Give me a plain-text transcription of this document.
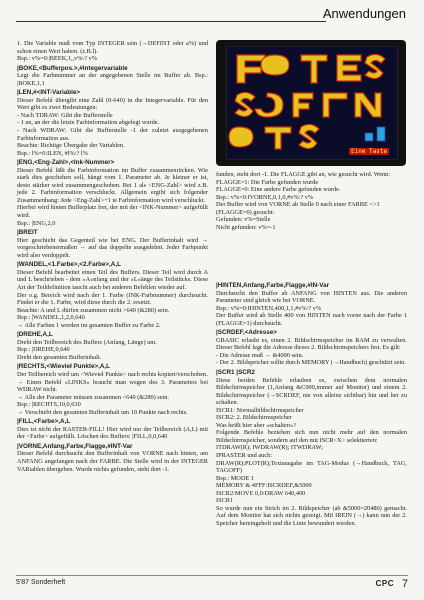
Anwendungen

1. Die Variable muß vom Typ INTEGER sein (→DEFINT oder a%) und schon einen Wert haben. (z.B.l).

Bsp.: v%=0:|BEEK,1,,v%:? v%

|BOKE,<Bufferpos.>,#Integervariable

Legt die Farbnummer an der angegebenen Stelle im Buffer ab. Bsp.: |BOKE,1,1

|LEN,#<INT-Variable>

Dieser Befehl übergibt eine Zahl (0-640) in die Integervariable. Für den Wert gibt es zwei Bedeutungen:

- Nach TDRAW: Gibt die Bufferstelle

- 1 an, an der die letzte Farbinformation abgelegt wurde.

- Nach WDRAW: Gibt die Bufferstelle -1 der zuletzt ausgegebenen Farbinformation aus.

Beachte: Richtige Übergabe der Variablen.

Bsp.: l%=0:ILEN, #l%:? l%

|ENG,<Eng-Zahl>,<Ink-Nummer>

Dieser Befehl läßt die Farbinformation im Buffer zusammenrücken. Wie stark dies geschehen soll, hängt vom 1. Parameter ab. Je kleiner er ist, desto stärker wird zusammengeschoben. Bei 1 als <ENG-Zahl> wird z.B. jede 2. Farbinformation verschluckt. Allgemein ergibt sich folgender Zusammenhang: Jede <Eng-Zahl>+1 te Farbinformation wird verschluckt.

Hierbei wird hinten Bufferplatz frei, der mit der <INK-Nummer> aufgefüllt wird.

Bsp.: |ENG,2,0

|BREIT

Hier geschieht das Gegenteil wie bei ENG. Der Bufferinhalt wird → vorgeschriebenermaßen → auf das doppelte ausgedehnt. Jeder Farbpunkt wird also verdoppelt.

|WANDEL,<1.Farbe>,<2.Farbe>,A,L

Dieser Befehl bearbeitet einen Teil des Buffers. Dieser Teil wird durch A und L beschrieben - dem »A«nfang und der »L«änge des Teilstücks. Diese Art der Teildefinition taucht auch bei anderen Befehlen wieder auf.

Der o.g. Bereich wird nach der 1. Farbe (INK-Farbnummer) durchsucht. Findet er die 1. Farbe, wird diese durch die 2. ersetzt.

Beachte: A und L dürfen zusammen nicht >640 (&280) sein.

Bsp.: |WANDEL,1,2,0,640

→ Alle Farben 1 werden im gesamten Buffer zu Farbe 2.

|DREHE,A,L

Dreht den Teilbereich des Buffers (Anfang, Länge) um.

Bsp.: |DREHE,0,640

Dreht den gesamten Bufferinhalt.

|RECHTS,<Wievieł Punkte>,A,L

Der Teilbereich wird um <Wievieł Punkte> nach rechts kopiert/verschoben.

→ Einen Befehl »LINKS« braucht man wegen des 3. Parameters bei WDRAW nicht.

→ Alle der Parameter müssen zusammen <640 (&280) sein.

Bsp.: |RECHTS,10,0,630

→ Verschiebt den gesamten Bufferinhalt um 10 Punkte nach rechts.

|FILL,<Farbe>,A,L

Dies ist nicht der RASTER-FILL! Hier wird nur der Teilbereich (A,L) mit der <Farbe> aufgefüllt. Löschen des Buffers: |FILL,0,0,640

|VORNE,Anfang,Farbe,Flagge,#INT-Var

Dieser Befehl durchsucht den Bufferinhalt von VORNE nach hinten, am ANFANG angefangen nach der FARBE. Die Stelle wird in der INTEGER VARiablen übergeben. Wurde nichts gefunden, steht dort -1.

Eine Taste

funden, steht dort -1. Die FLAGGE gibt an, wie gesucht wird. Wenn:

FLAGGE=1: Die Farbe gefunden wurde

FLAGGE=0: Eine andere Farbe gefunden wurde.

Bsp.: v%=0:IVORNE,0,1,0,#v%:? v%

Der Buffer wird von VORNE ab Stelle 0 nach einer FARBE <>1 (FLAGGE=0) gesucht:

Gefunden: v%=Stelle

Nicht gefunden: v%=-1

|HINTEN,Anfang,Farbe,Flagge,#IN-Var

Durchsucht den Buffer ab ANFANG von HINTEN aus. Die anderen Parameter sind gleich wie bei VORNE.

Bsp.: v%=0:IHINTEN,400,1,1,#v%:? v%

Der Buffer wird ab Stelle 400 von HINTEN nach vorne nach der Farbe 1 (FLAGGE=1) durchsucht.

|SCRDEF,<Adresse>

GBASIC erlaubt es, einen 2. Bildschirmspeicher im RAM zu verwalten. Dieser Befehl legt die Adresse dieses 2. Bildschirmspeichers fest. Es gilt:

- Die Adresse muß → &4000 sein.

- Der 2. Bildspeicher sollte durch MEMORY (→Handbuch) geschützt sein.

|SCR1 |SCR2

Diese beiden Befehle erlauben es, zwischen dem normalen Bildschirmspeicher (1,Anfang &C000,immer auf Monitor) und einem 2. Bildschirmspeicher (→SCRDEF, nie von alleine sichtbar) hin und her zu schalten.

ISCR1: Normalbildschirmspeicher

ISCR2: 2. Bildschirmspeicher

Was heißt hier aber »schalten«?

Folgende Befehle beziehen sich nun nicht mehr auf den normalen Bildschirmspeicher, sondern auf den mit ISCR<X> selektierten:

ITDRAW(R); IWDRAW(R); ITWDRAW;

IPRASTER und auch:

DRAW(R);PLOT(R);Textausgabe im TAG-Modus (→Handbuch, TAG, TAGOFF)

Bsp.: MODE 1

MEMORY & 4FFF:ISCRDEF,&5000

ISCR2:MOVE 0,0:DRAW 640,400

ISCR1

So wurde nun ein Strich im 2. Bildspeicher (ab &5000=20480) gemacht. Auf dem Monitor hat sich nichts gezeigt. Mit IREIN (→) kann nun der 2. Speicher hereingeholt und die Linie bewundert werden.

5'87 Sonderheft	CPC 7
